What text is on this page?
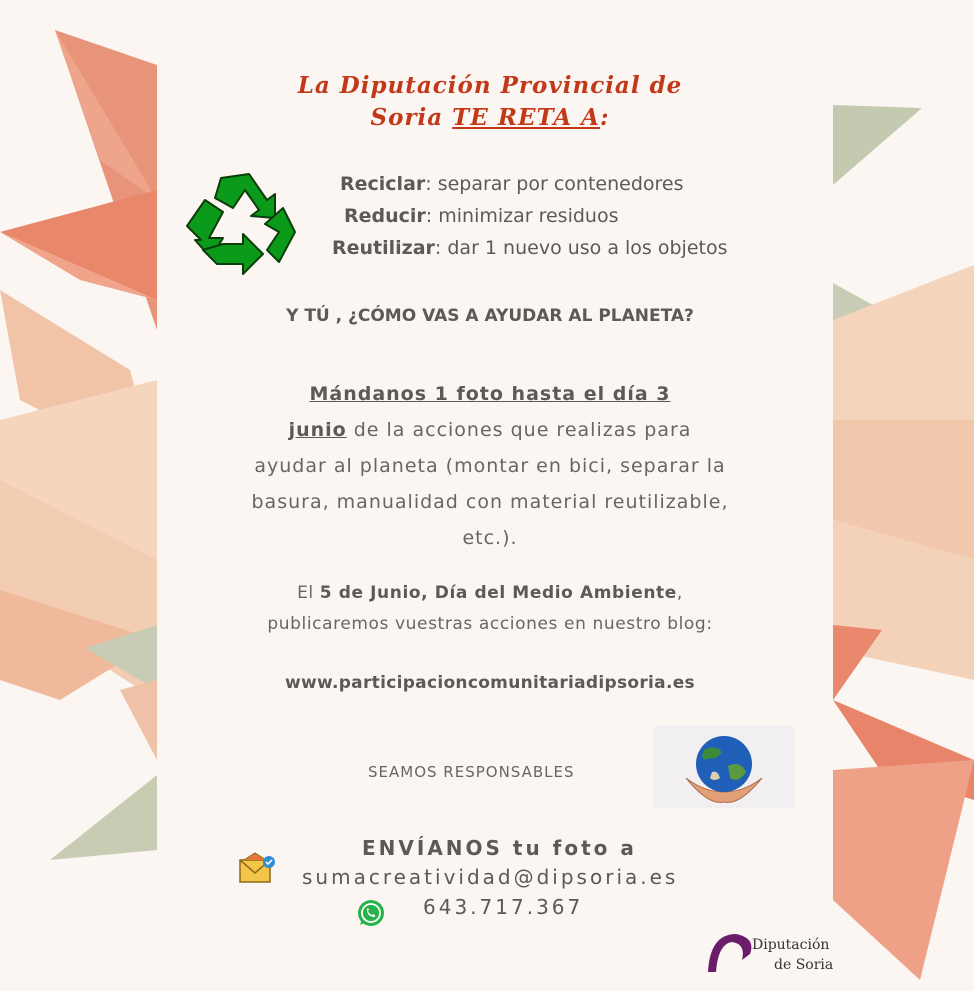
La Diputación Provincial de
Soria TE RETA A:
Reciclar: separar por contenedores
Reducir: minimizar residuos
Reutilizar: dar 1 nuevo uso a los objetos
Y TÚ , ¿CÓMO VAS A AYUDAR AL PLANETA?
Mándanos 1 foto hasta el día 3
junio de la acciones que realizas para ayudar al planeta (montar en bici, separar la basura, manualidad con material reutilizable, etc.).
El 5 de Junio, Día del Medio Ambiente, publicaremos vuestras acciones en nuestro blog:
www.participacioncomunitariadipsoria.es
SEAMOS RESPONSABLES
ENVÍANOS tu foto a
sumacreatividad@dipsoria.es
643.717.367
Diputación
de Soria
